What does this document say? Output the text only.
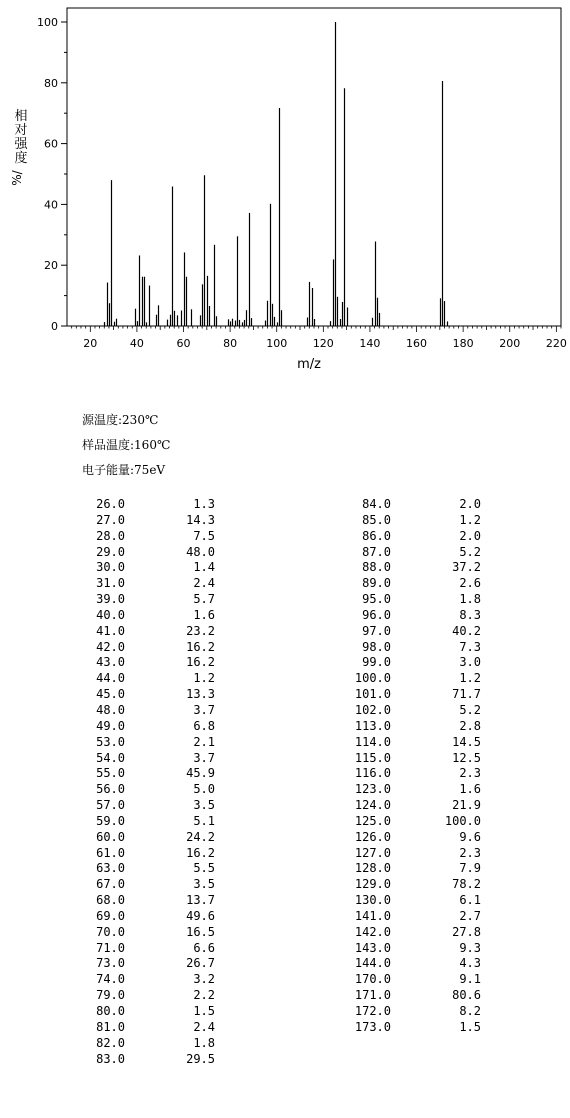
0
20
40
60
80
100
20	40	60	80	100 120 140 160 180 200 220
m/z
相
对
强
度
%/
源温度:230℃
样品温度:160℃
电子能量:75eV
26.0	1.3
27.0	14.3
28.0	7.5
29.0	48.0
30.0	1.4
31.0	2.4
39.0	5.7
40.0	1.6
41.0	23.2
42.0	16.2
43.0	16.2
44.0	1.2
45.0	13.3
48.0	3.7
49.0	6.8
53.0	2.1
54.0	3.7
55.0	45.9
56.0	5.0
57.0	3.5
59.0	5.1
60.0	24.2
61.0	16.2
63.0	5.5
67.0	3.5
68.0	13.7
69.0	49.6
70.0	16.5
71.0	6.6
73.0	26.7
74.0	3.2
79.0	2.2
80.0	1.5
81.0	2.4
82.0	1.8
83.0	29.5
84.0	2.0
85.0	1.2
86.0	2.0
87.0	5.2
88.0	37.2
89.0	2.6
95.0	1.8
96.0	8.3
97.0	40.2
98.0	7.3
99.0	3.0
100.0	1.2
101.0	71.7
102.0	5.2
113.0	2.8
114.0	14.5
115.0	12.5
116.0	2.3
123.0	1.6
124.0	21.9
125.0	100.0
126.0	9.6
127.0	2.3
128.0	7.9
129.0	78.2
130.0	6.1
141.0	2.7
142.0	27.8
143.0	9.3
144.0	4.3
170.0	9.1
171.0	80.6
172.0	8.2
173.0	1.5
